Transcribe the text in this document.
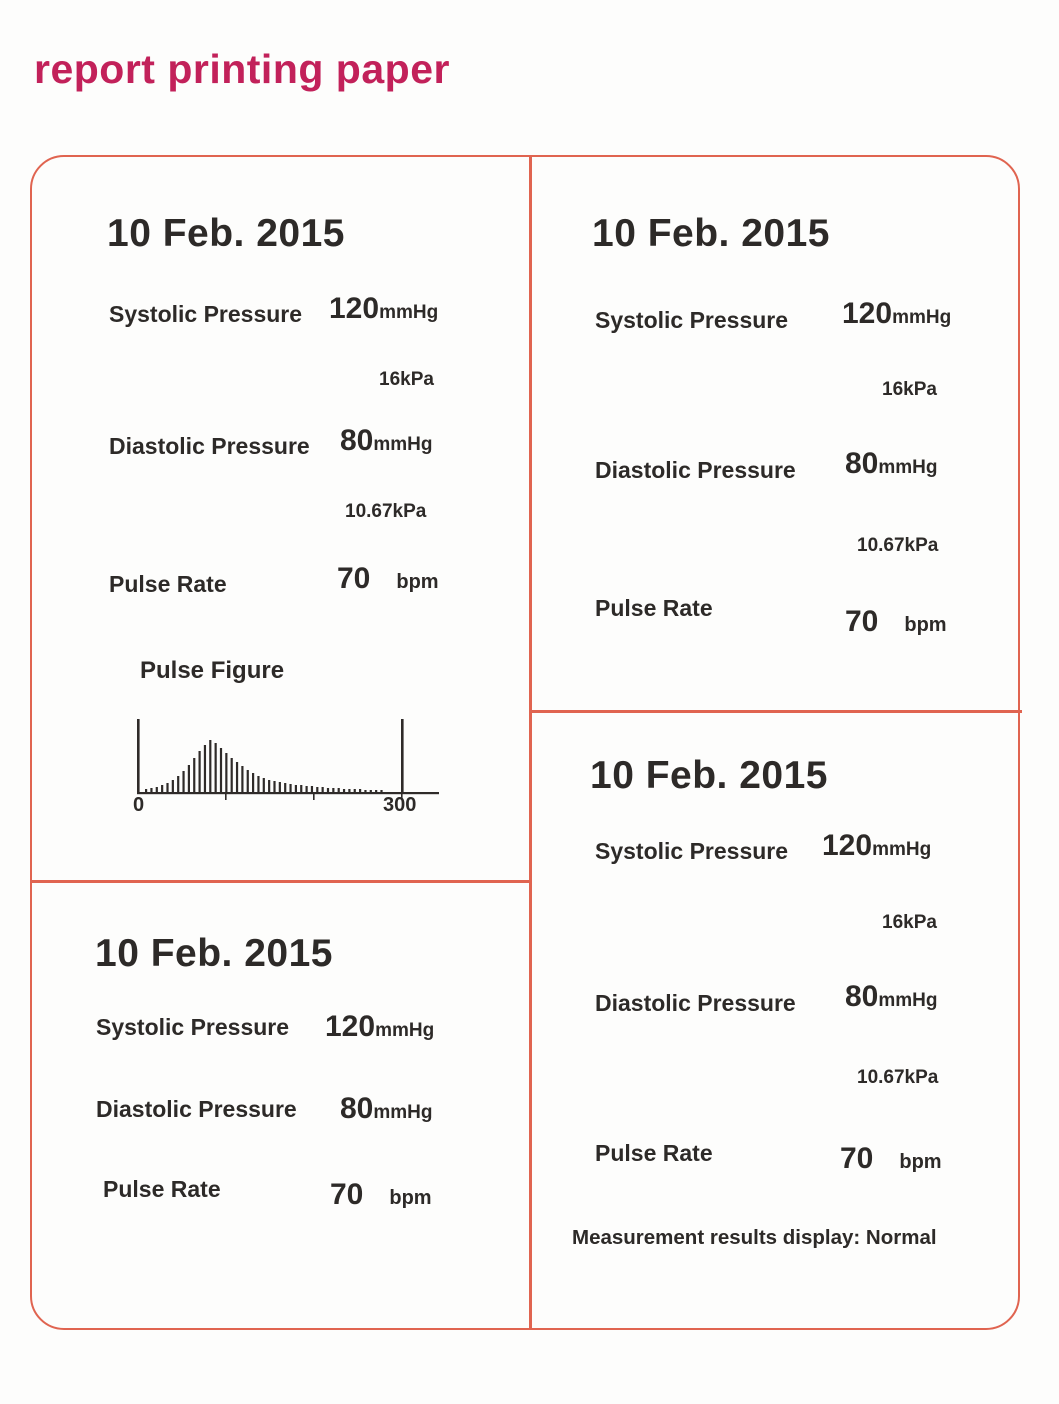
report printing paper
10 Feb. 2015
Systolic Pressure 120 mmHg
16kPa
Diastolic Pressure 80 mmHg
10.67kPa
Pulse Rate	70 bpm
Pulse Figure
0	300
10 Feb. 2015
Systolic Pressure 120 mmHg
16kPa
Diastolic Pressure 80 mmHg
10.67kPa
Pulse Rate	70 bpm
10 Feb. 2015
Systolic Pressure 120 mmHg
Diastolic Pressure 80 mmHg
Pulse Rate	70 bpm
10 Feb. 2015
Systolic Pressure 120 mmHg
16kPa
Diastolic Pressure 80 mmHg
10.67kPa
Pulse Rate	70 bpm
Measurement results display: Normal
